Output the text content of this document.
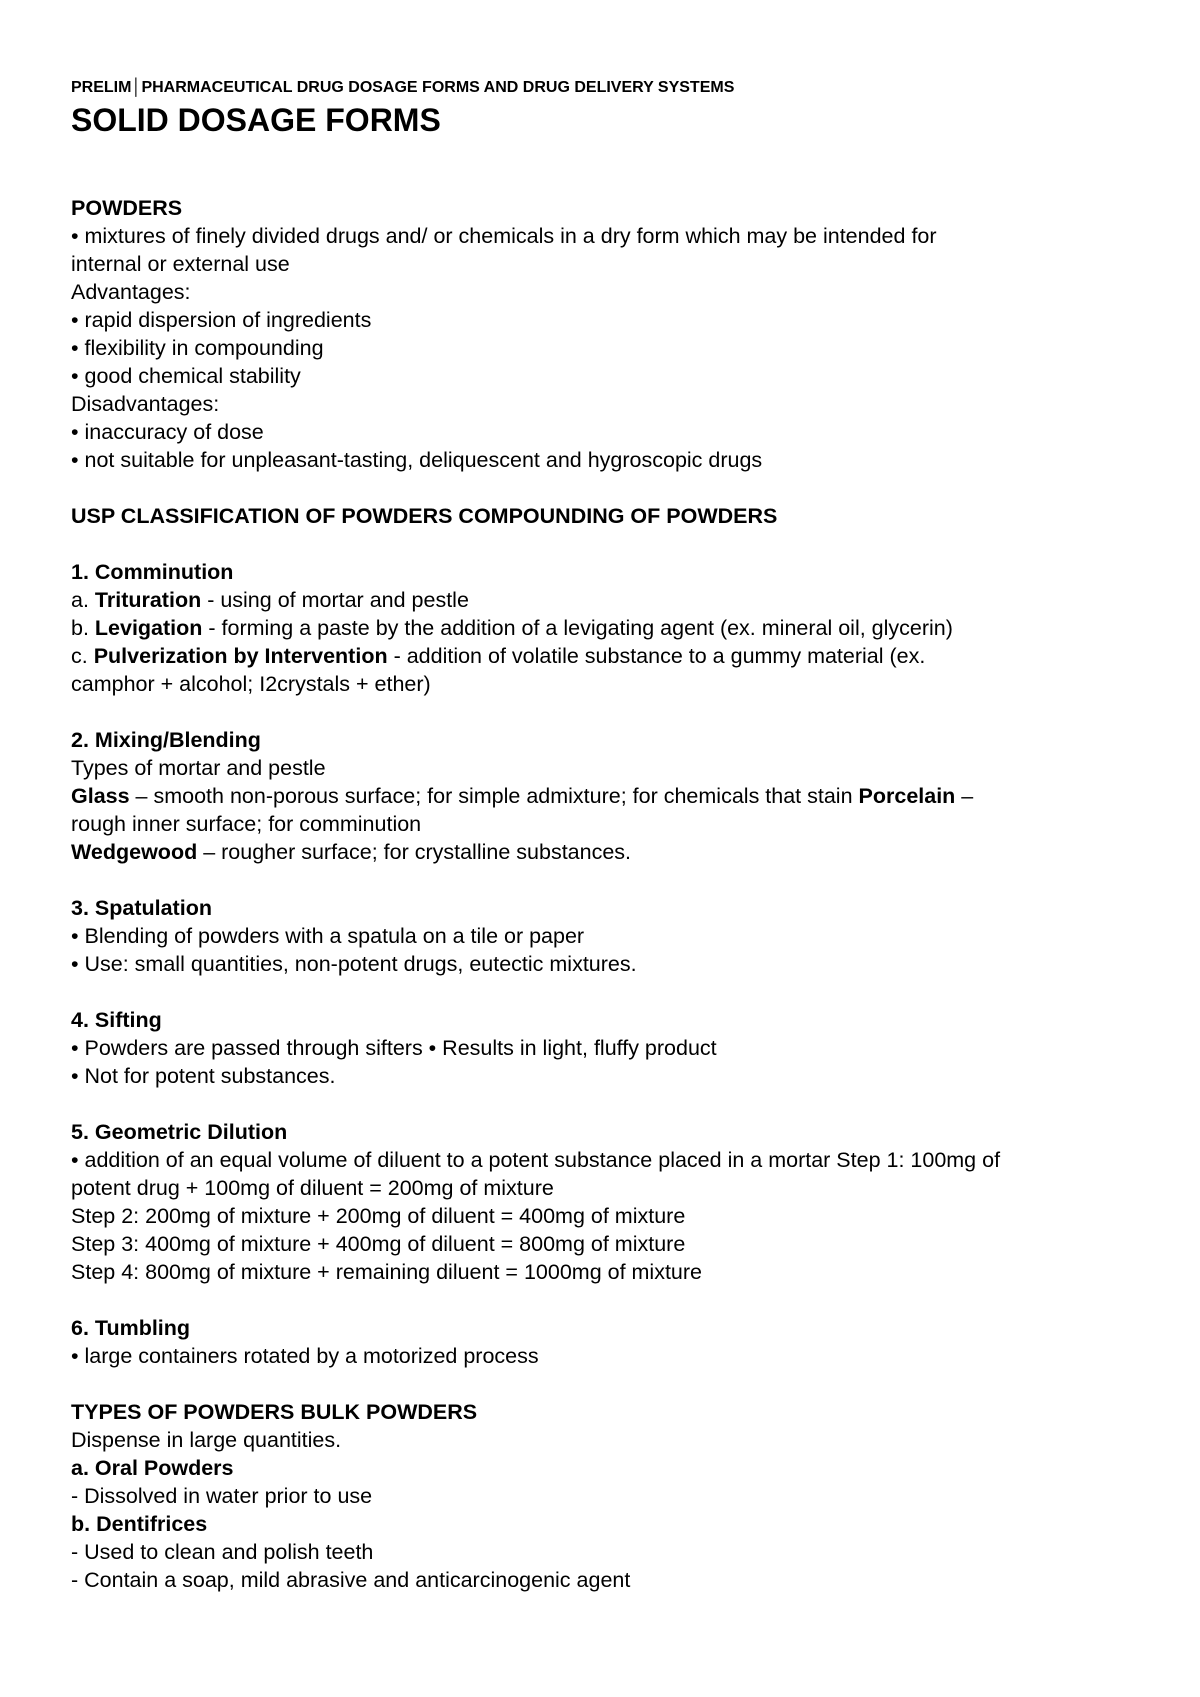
PRELIM│PHARMACEUTICAL DRUG DOSAGE FORMS AND DRUG DELIVERY SYSTEMS
SOLID DOSAGE FORMS
POWDERS
• mixtures of finely divided drugs and/ or chemicals in a dry form which may be intended for
internal or external use
Advantages:
• rapid dispersion of ingredients
• flexibility in compounding
• good chemical stability
Disadvantages:
• inaccuracy of dose
• not suitable for unpleasant-tasting, deliquescent and hygroscopic drugs
USP CLASSIFICATION OF POWDERS COMPOUNDING OF POWDERS
1. Comminution
a. Trituration - using of mortar and pestle
b. Levigation - forming a paste by the addition of a levigating agent (ex. mineral oil, glycerin)
c. Pulverization by Intervention - addition of volatile substance to a gummy material (ex.
camphor + alcohol; I2crystals + ether)
2. Mixing/Blending
Types of mortar and pestle
Glass – smooth non-porous surface; for simple admixture; for chemicals that stain Porcelain –
rough inner surface; for comminution
Wedgewood – rougher surface; for crystalline substances.
3. Spatulation
• Blending of powders with a spatula on a tile or paper
• Use: small quantities, non-potent drugs, eutectic mixtures.
4. Sifting
• Powders are passed through sifters • Results in light, fluffy product
• Not for potent substances.
5. Geometric Dilution
• addition of an equal volume of diluent to a potent substance placed in a mortar Step 1: 100mg of
potent drug + 100mg of diluent = 200mg of mixture
Step 2: 200mg of mixture + 200mg of diluent = 400mg of mixture
Step 3: 400mg of mixture + 400mg of diluent = 800mg of mixture
Step 4: 800mg of mixture + remaining diluent = 1000mg of mixture
6. Tumbling
• large containers rotated by a motorized process
TYPES OF POWDERS BULK POWDERS
Dispense in large quantities.
a. Oral Powders
- Dissolved in water prior to use
b. Dentifrices
- Used to clean and polish teeth
- Contain a soap, mild abrasive and anticarcinogenic agent
